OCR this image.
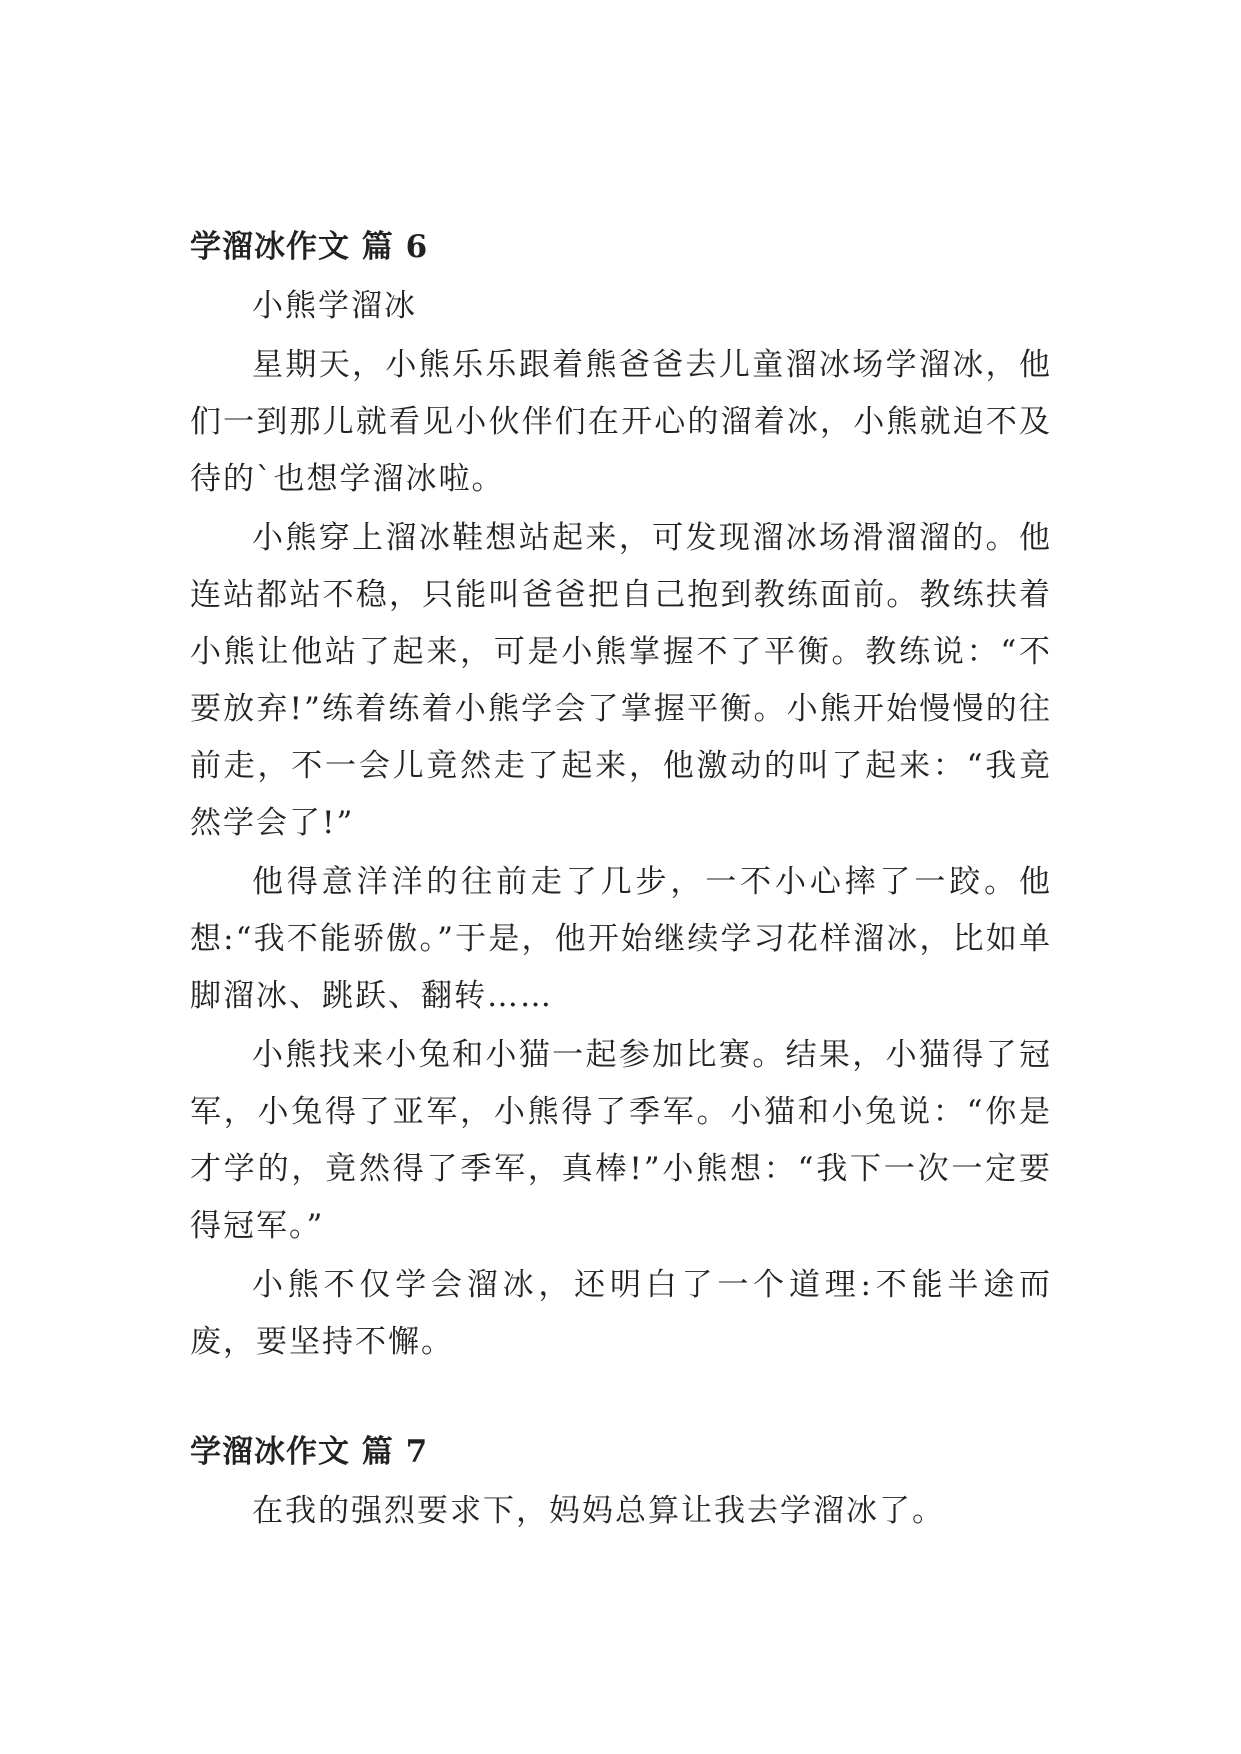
学溜冰作文 篇 6

小熊学溜冰

星期天，小熊乐乐跟着熊爸爸去儿童溜冰场学溜冰，他们一到那儿就看见小伙伴们在开心的溜着冰，小熊就迫不及待的`也想学溜冰啦。

小熊穿上溜冰鞋想站起来，可发现溜冰场滑溜溜的。他连站都站不稳，只能叫爸爸把自己抱到教练面前。教练扶着小熊让他站了起来，可是小熊掌握不了平衡。教练说：“不要放弃!”练着练着小熊学会了掌握平衡。小熊开始慢慢的往前走，不一会儿竟然走了起来，他激动的叫了起来：“我竟然学会了!”

他得意洋洋的往前走了几步，一不小心摔了一跤。他想:“我不能骄傲。”于是，他开始继续学习花样溜冰，比如单脚溜冰、跳跃、翻转……

小熊找来小兔和小猫一起参加比赛。结果，小猫得了冠军，小兔得了亚军，小熊得了季军。小猫和小兔说：“你是才学的，竟然得了季军，真棒!”小熊想：“我下一次一定要得冠军。”

小熊不仅学会溜冰，还明白了一个道理:不能半途而废，要坚持不懈。

学溜冰作文 篇 7

在我的强烈要求下，妈妈总算让我去学溜冰了。
